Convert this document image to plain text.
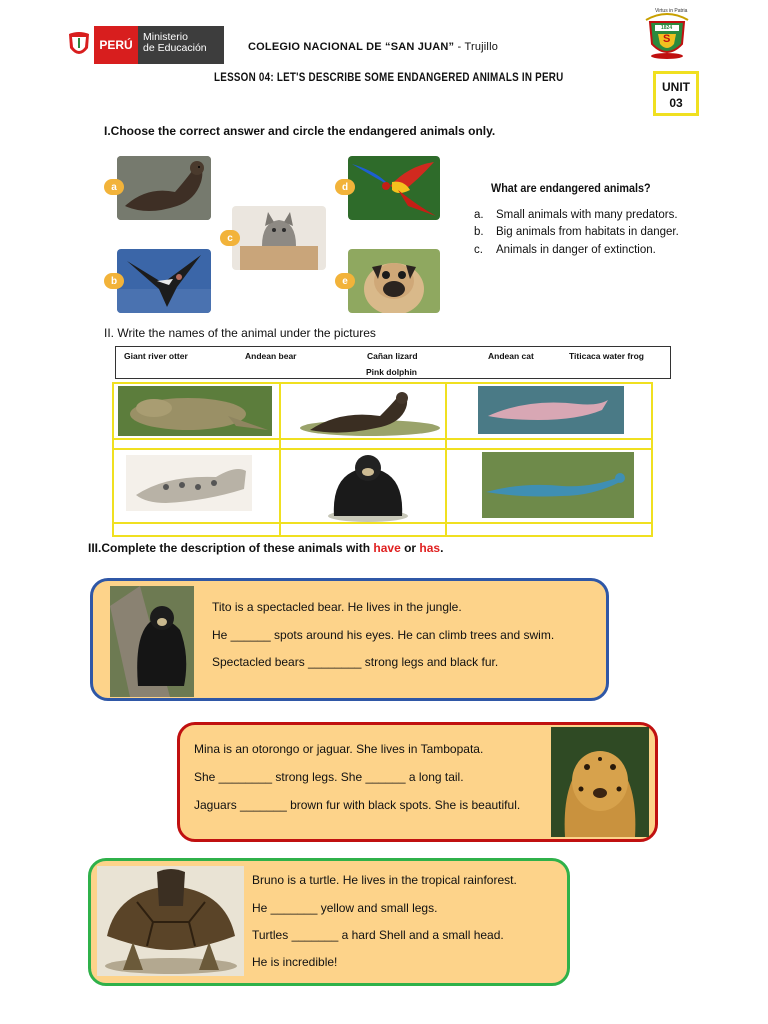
PERÚ
Ministerio
de Educación	COLEGIO NACIONAL DE “SAN JUAN” - Trujillo
LESSON 04: LET'S DESCRIBE SOME ENDANGERED ANIMALS IN PERU
Virtus in Patria
1824
S
UNIT
03
I.Choose the correct answer and circle the endangered animals only.
a
b
c
d
e
What are endangered animals?
a. Small animals with many predators.
b. Big animals from habitats in danger.
c. Animals in danger of extinction.
II. Write the names of the animal under the pictures
Giant river otter	Andean bear	Cañan lizard	Andean cat	Titicaca water frog
Pink dolphin
III.Complete the description of these animals with have or has.
Tito is a spectacled bear. He lives in the jungle.
He ______ spots around his eyes. He can climb trees and swim.
Spectacled bears ________ strong legs and black fur.
Mina is an otorongo or jaguar. She lives in Tambopata.
She ________ strong legs. She ______ a long tail.
Jaguars _______ brown fur with black spots. She is beautiful.
Bruno is a turtle. He lives in the tropical rainforest.
He _______ yellow and small legs.
Turtles _______ a hard Shell and a small head.
He is incredible!
